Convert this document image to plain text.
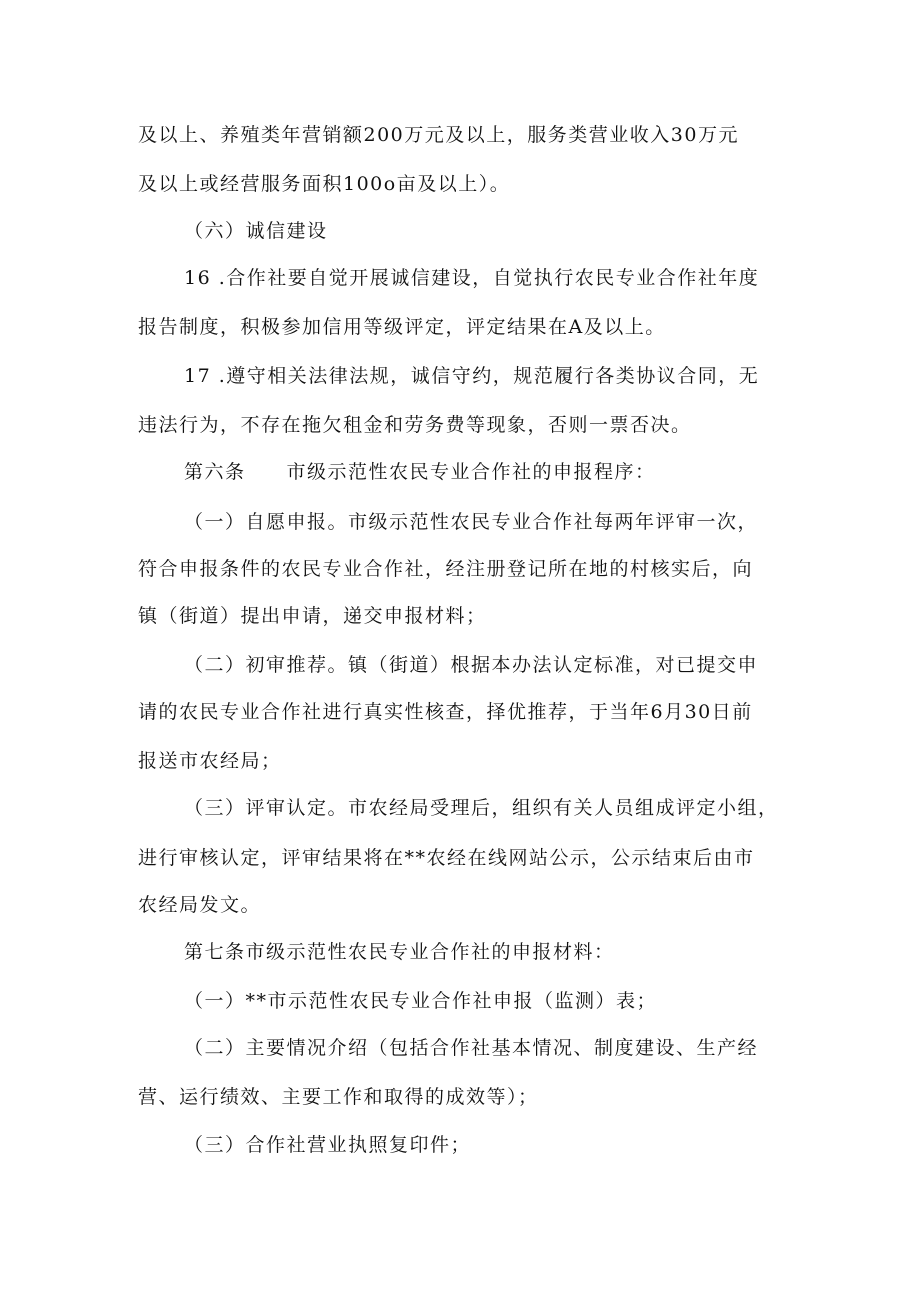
及以上、养殖类年营销额200万元及以上，服务类营业收入30万元

及以上或经营服务面积100o亩及以上）。

（六）诚信建设

16 .合作社要自觉开展诚信建设，自觉执行农民专业合作社年度

报告制度，积极参加信用等级评定，评定结果在A及以上。

17 .遵守相关法律法规，诚信守约，规范履行各类协议合同，无

违法行为，不存在拖欠租金和劳务费等现象，否则一票否决。

第六条　　市级示范性农民专业合作社的申报程序：

（一）自愿申报。市级示范性农民专业合作社每两年评审一次，

符合申报条件的农民专业合作社，经注册登记所在地的村核实后，向

镇（街道）提出申请，递交申报材料；

（二）初审推荐。镇（街道）根据本办法认定标准，对已提交申

请的农民专业合作社进行真实性核查，择优推荐，于当年6月30日前

报送市农经局；

（三）评审认定。市农经局受理后，组织有关人员组成评定小组，

进行审核认定，评审结果将在**农经在线网站公示，公示结束后由市

农经局发文。

第七条市级示范性农民专业合作社的申报材料：

（一）**市示范性农民专业合作社申报（监测）表；

（二）主要情况介绍（包括合作社基本情况、制度建设、生产经

营、运行绩效、主要工作和取得的成效等）；

（三）合作社营业执照复印件；
